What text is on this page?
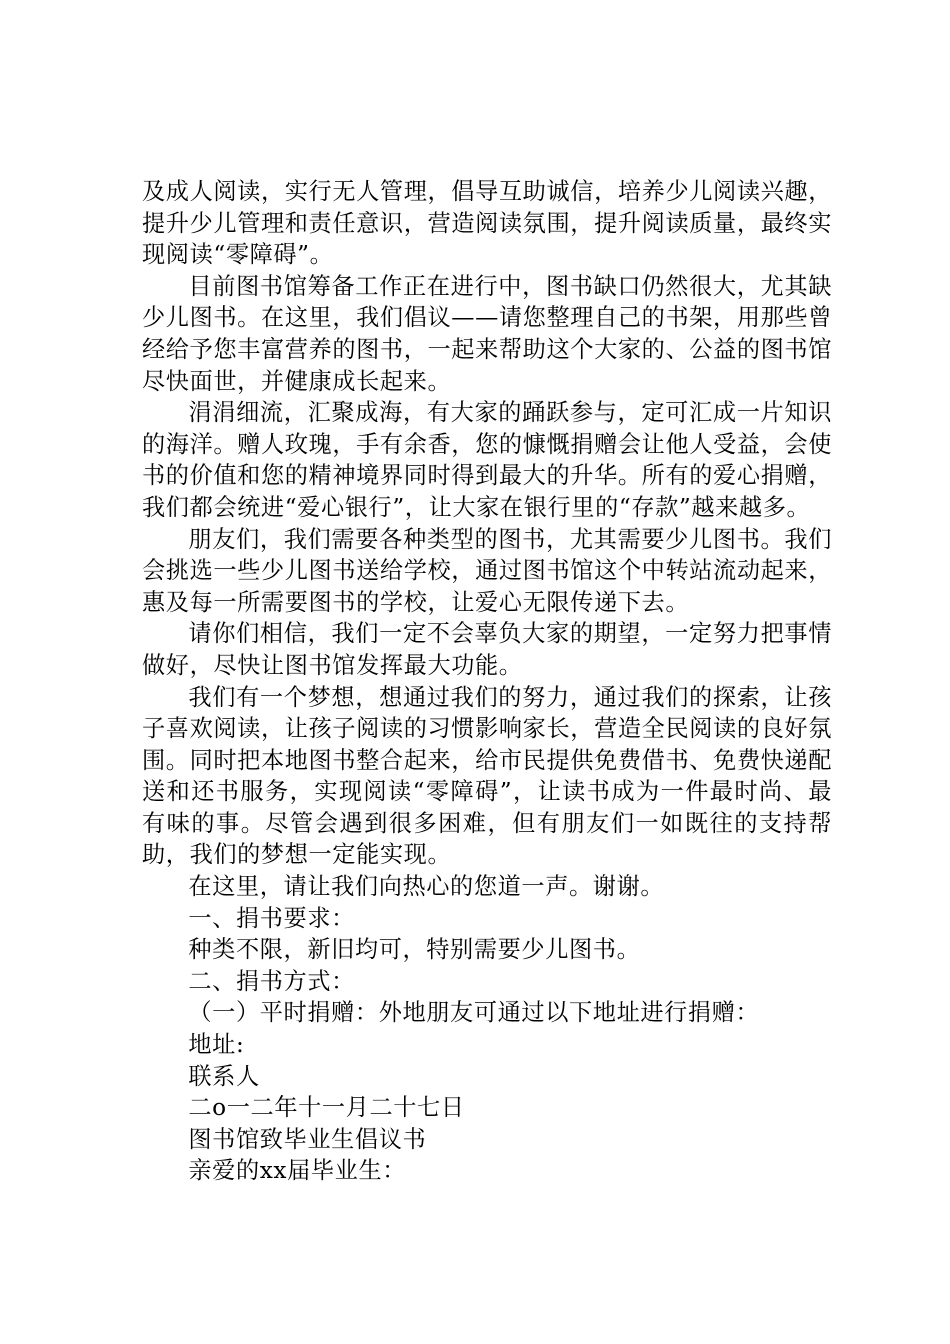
及成人阅读，实行无人管理，倡导互助诚信，培养少儿阅读兴趣，提升少儿管理和责任意识，营造阅读氛围，提升阅读质量，最终实现阅读“零障碍”。

目前图书馆筹备工作正在进行中，图书缺口仍然很大，尤其缺少儿图书。在这里，我们倡议——请您整理自己的书架，用那些曾经给予您丰富营养的图书，一起来帮助这个大家的、公益的图书馆尽快面世，并健康成长起来。

涓涓细流，汇聚成海，有大家的踊跃参与，定可汇成一片知识的海洋。赠人玫瑰，手有余香，您的慷慨捐赠会让他人受益，会使书的价值和您的精神境界同时得到最大的升华。所有的爱心捐赠，我们都会统进“爱心银行”，让大家在银行里的“存款”越来越多。

朋友们，我们需要各种类型的图书，尤其需要少儿图书。我们会挑选一些少儿图书送给学校，通过图书馆这个中转站流动起来，惠及每一所需要图书的学校，让爱心无限传递下去。

请你们相信，我们一定不会辜负大家的期望，一定努力把事情做好，尽快让图书馆发挥最大功能。

我们有一个梦想，想通过我们的努力，通过我们的探索，让孩子喜欢阅读，让孩子阅读的习惯影响家长，营造全民阅读的良好氛围。同时把本地图书整合起来，给市民提供免费借书、免费快递配送和还书服务，实现阅读“零障碍”，让读书成为一件最时尚、最有味的事。尽管会遇到很多困难，但有朋友们一如既往的支持帮助，我们的梦想一定能实现。

在这里，请让我们向热心的您道一声。谢谢。

一、捐书要求：

种类不限，新旧均可，特别需要少儿图书。

二、捐书方式：

（一）平时捐赠：外地朋友可通过以下地址进行捐赠：

地址:

联系人

二o一二年十一月二十七日

图书馆致毕业生倡议书

亲爱的xx届毕业生：
